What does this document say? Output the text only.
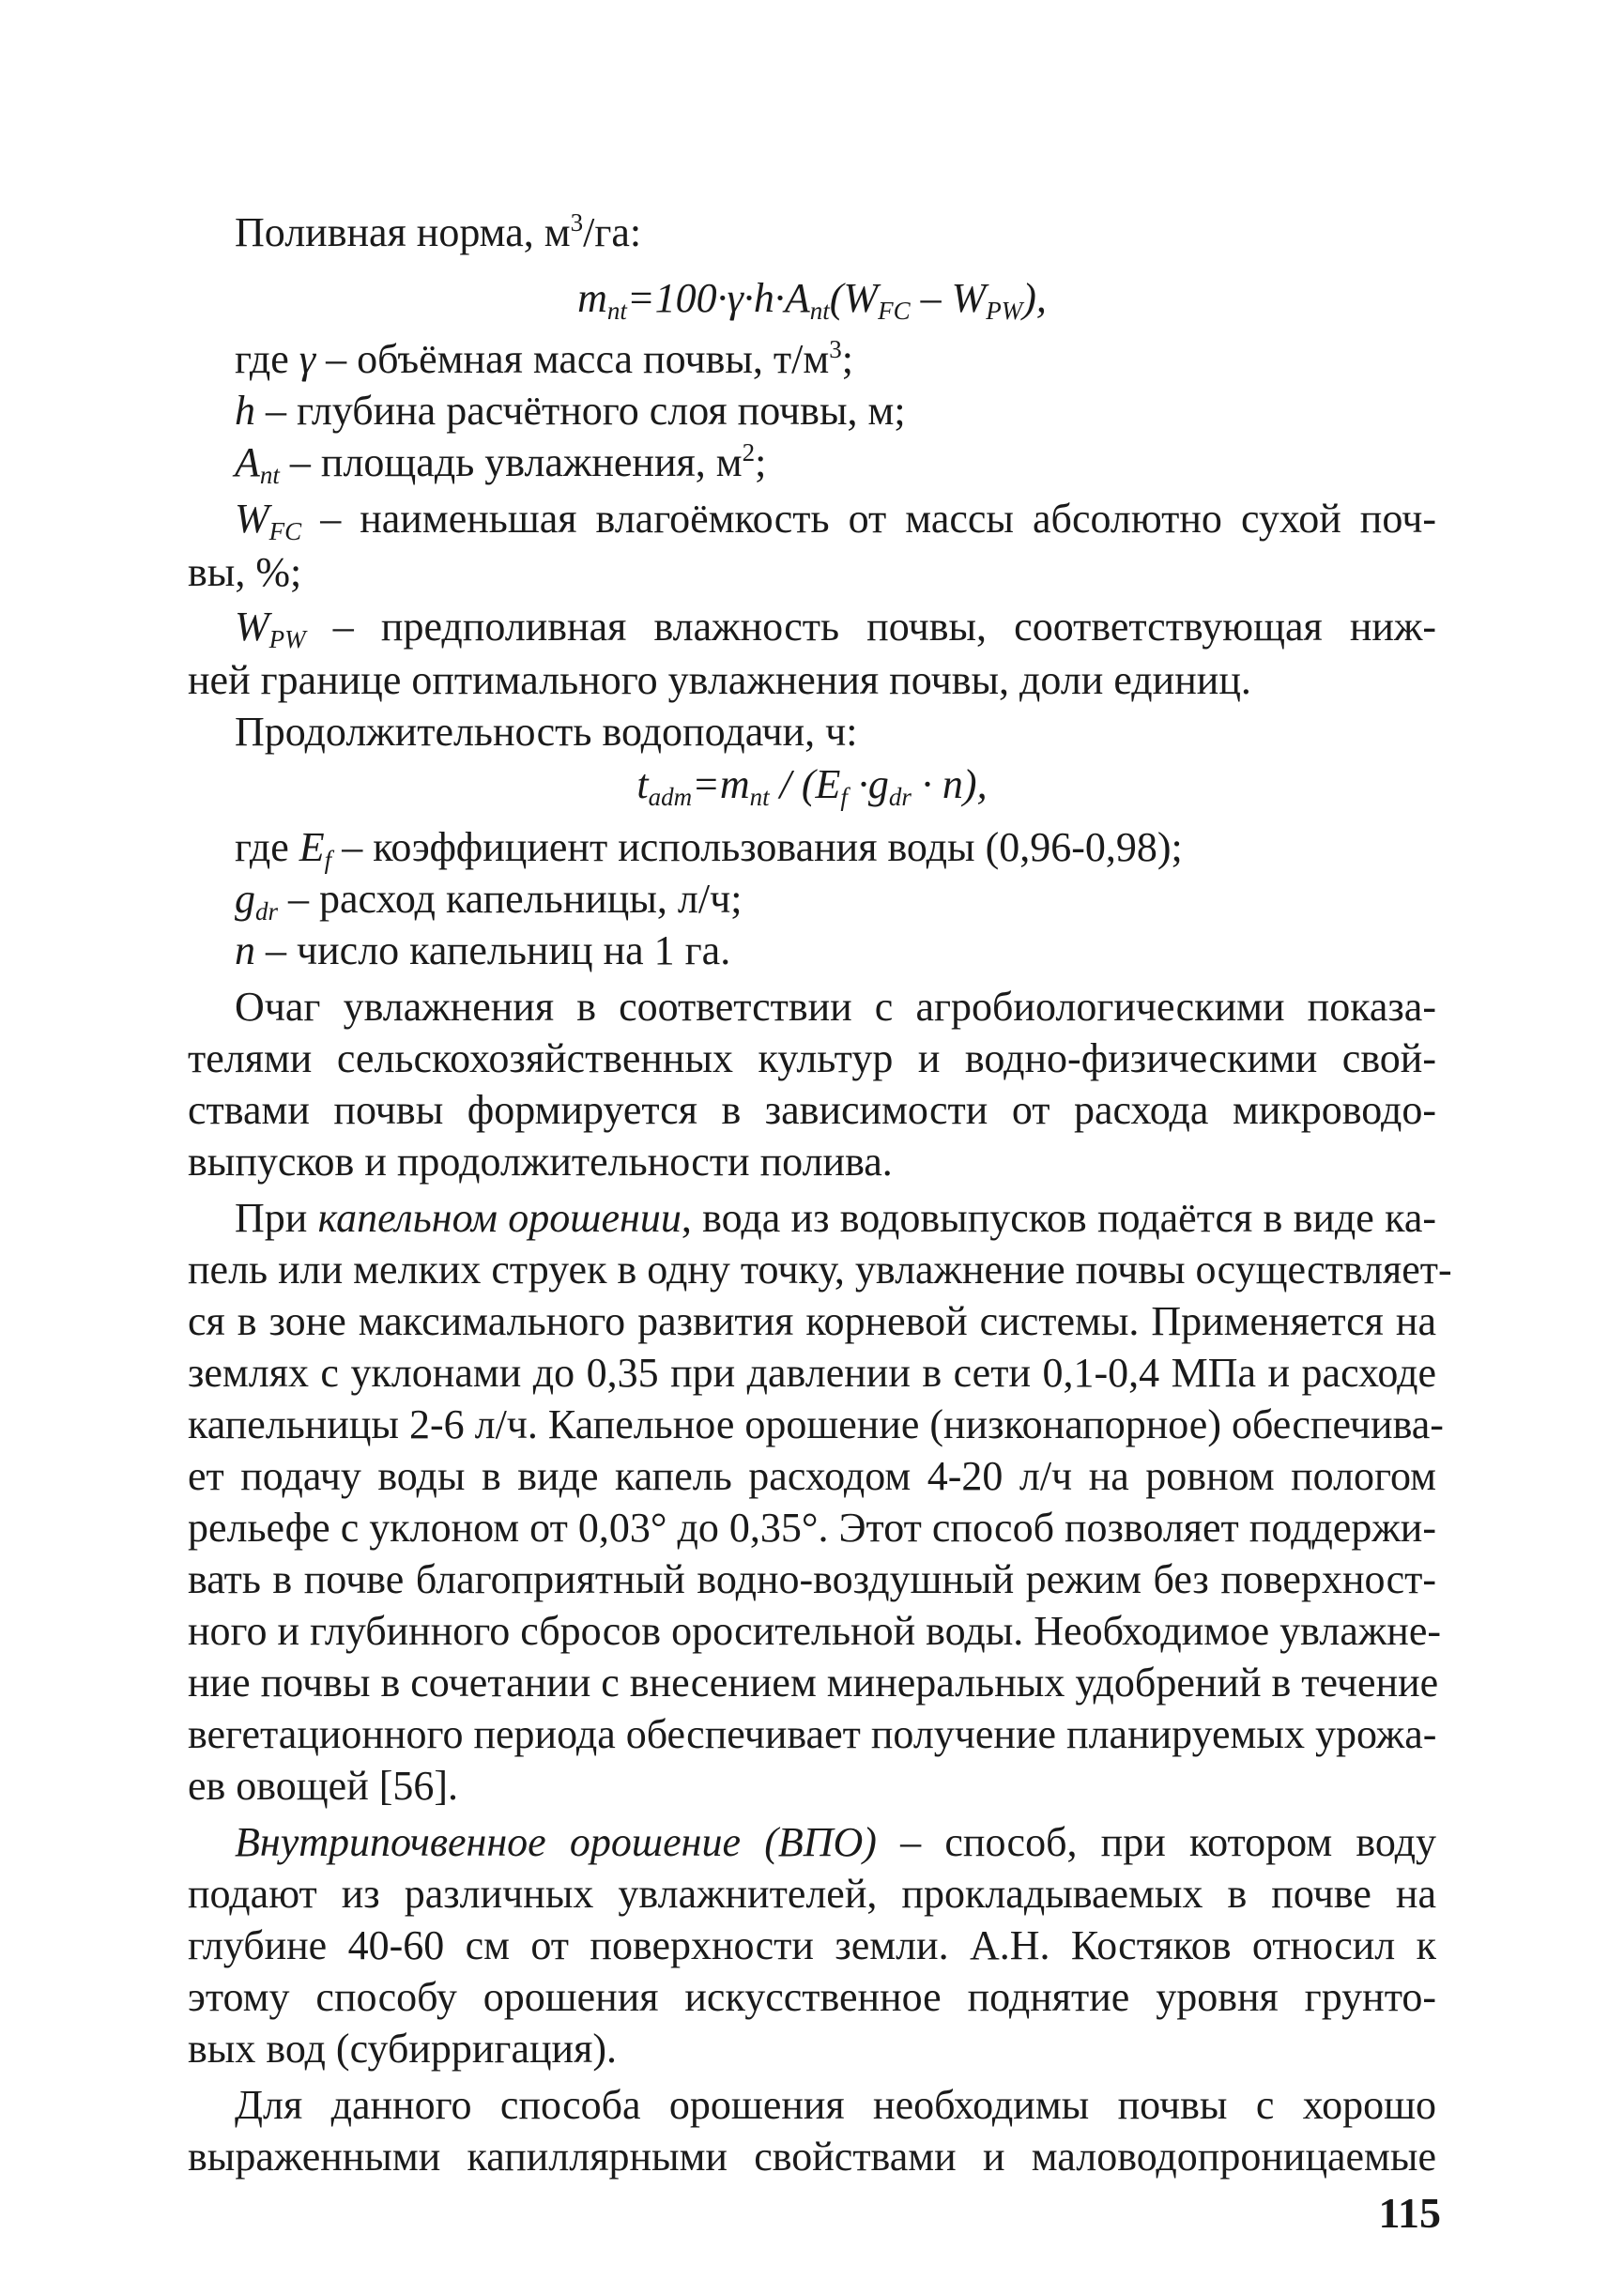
Поливная норма, $м^3/га$:
$m_{nt}=100\cdot\gamma\cdot h\cdot A_{nt}(W_{FC} - W_{PW})$,
где γ – объёмная масса почвы, $т/м^3$;
h – глубина расчётного слоя почвы, м;
$A_{nt}$ – площадь увлажнения, $м^2$;
$W_{FC}$ – наименьшая влагоёмкость от массы абсолютно сухой поч-
вы, %;
$W_{PW}$ – предполивная влажность почвы, соответствующая ниж-
ней границе оптимального увлажнения почвы, доли единиц.
Продолжительность водоподачи, ч:
$t_{adm}=m_{nt} / (E_f \cdot g_{dr} \cdot n)$,
где $E_f$ – коэффициент использования воды (0,96-0,98);
$g_{dr}$ – расход капельницы, л/ч;
n – число капельниц на 1 га.
Очаг увлажнения в соответствии с агробиологическими показа-
телями сельскохозяйственных культур и водно-физическими свой-
ствами почвы формируется в зависимости от расхода микроводо-
выпусков и продолжительности полива.
При капельном орошении, вода из водовыпусков подаётся в виде ка-
пель или мелких струек в одну точку, увлажнение почвы осуществляет-
ся в зоне максимального развития корневой системы. Применяется на
землях с уклонами до 0,35 при давлении в сети 0,1-0,4 МПа и расходе
капельницы 2-6 л/ч. Капельное орошение (низконапорное) обеспечива-
ет подачу воды в виде капель расходом 4-20 л/ч на ровном пологом
рельефе с уклоном от 0,03° до 0,35°. Этот способ позволяет поддержи-
вать в почве благоприятный водно-воздушный режим без поверхност-
ного и глубинного сбросов оросительной воды. Необходимое увлажне-
ние почвы в сочетании с внесением минеральных удобрений в течение
вегетационного периода обеспечивает получение планируемых урожа-
ев овощей [56].
Внутрипочвенное орошение (ВПО) – способ, при котором воду
подают из различных увлажнителей, прокладываемых в почве на
глубине 40-60 см от поверхности земли. А.Н. Костяков относил к
этому способу орошения искусственное поднятие уровня грунто-
вых вод (субирригация).
Для данного способа орошения необходимы почвы с хорошо
выраженными капиллярными свойствами и маловодопроницаемые
115
